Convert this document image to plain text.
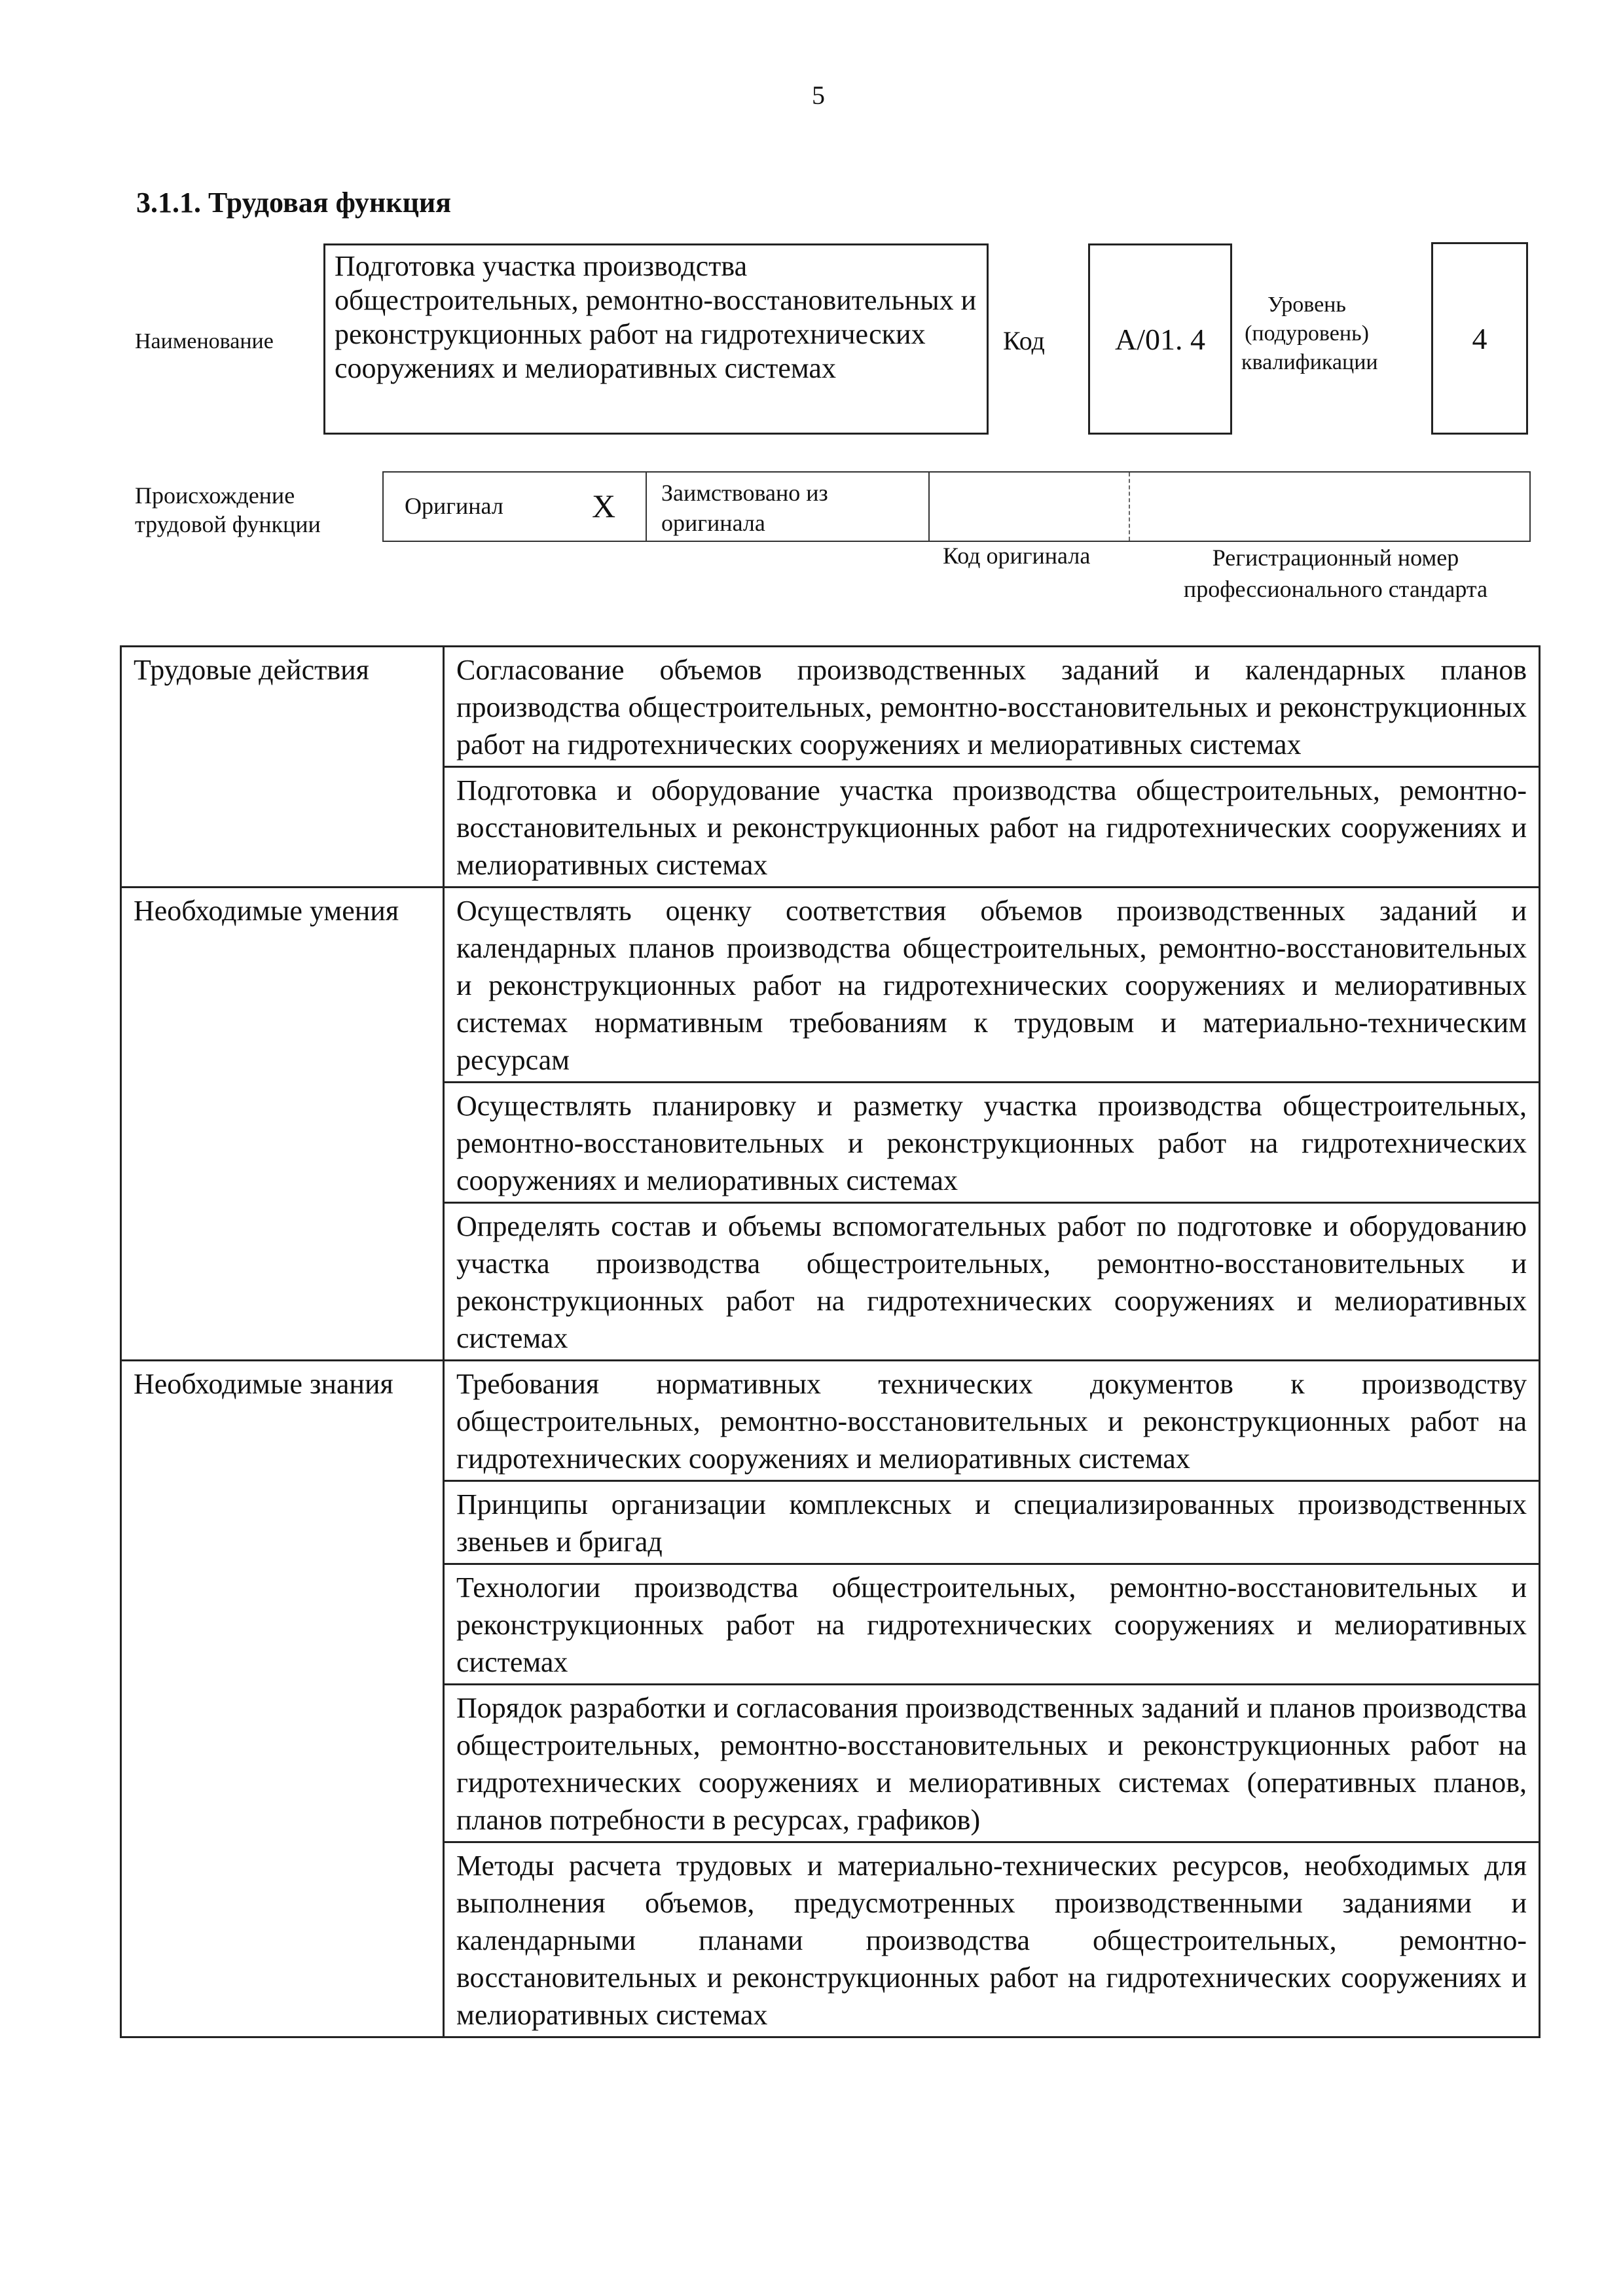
5
3.1.1. Трудовая функция
Наименование
Подготовка участка производства общестроительных, ремонтно-восстановительных и реконструкционных работ на гидротехнических сооружениях и мелиоративных системах
Код	A/01. 4
Уровень (подуровень) квалификации
4
Происхождение трудовой функции
Оригинал	X Заимствовано из оригинала
Код оригинала	Регистрационный номер профессионального стандарта
Трудовые действия	Согласование объемов производственных заданий и календарных планов производства общестроительных, ремонтно-восстановительных и реконструкционных работ на гидротехнических сооружениях и мелиоративных системах
	Подготовка и оборудование участка производства общестроительных, ремонтно-восстановительных и реконструкционных работ на гидротехнических сооружениях и мелиоративных системах
Необходимые умения	Осуществлять оценку соответствия объемов производственных заданий и календарных планов производства общестроительных, ремонтно-восстановительных и реконструкционных работ на гидротехнических сооружениях и мелиоративных системах нормативным требованиям к трудовым и материально-техническим ресурсам
	Осуществлять планировку и разметку участка производства общестроительных, ремонтно-восстановительных и реконструкционных работ на гидротехнических сооружениях и мелиоративных системах
	Определять состав и объемы вспомогательных работ по подготовке и оборудованию участка производства общестроительных, ремонтно-восстановительных и реконструкционных работ на гидротехнических сооружениях и мелиоративных системах
Необходимые знания	Требования нормативных технических документов к производству общестроительных, ремонтно-восстановительных и реконструкционных работ на гидротехнических сооружениях и мелиоративных системах
	Принципы организации комплексных и специализированных производственных звеньев и бригад
	Технологии производства общестроительных, ремонтно-восстановительных и реконструкционных работ на гидротехнических сооружениях и мелиоративных системах
	Порядок разработки и согласования производственных заданий и планов производства общестроительных, ремонтно-восстановительных и реконструкционных работ на гидротехнических сооружениях и мелиоративных системах (оперативных планов, планов потребности в ресурсах, графиков)
	Методы расчета трудовых и материально-технических ресурсов, необходимых для выполнения объемов, предусмотренных производственными заданиями и календарными планами производства общестроительных, ремонтно-восстановительных и реконструкционных работ на гидротехнических сооружениях и мелиоративных системах
